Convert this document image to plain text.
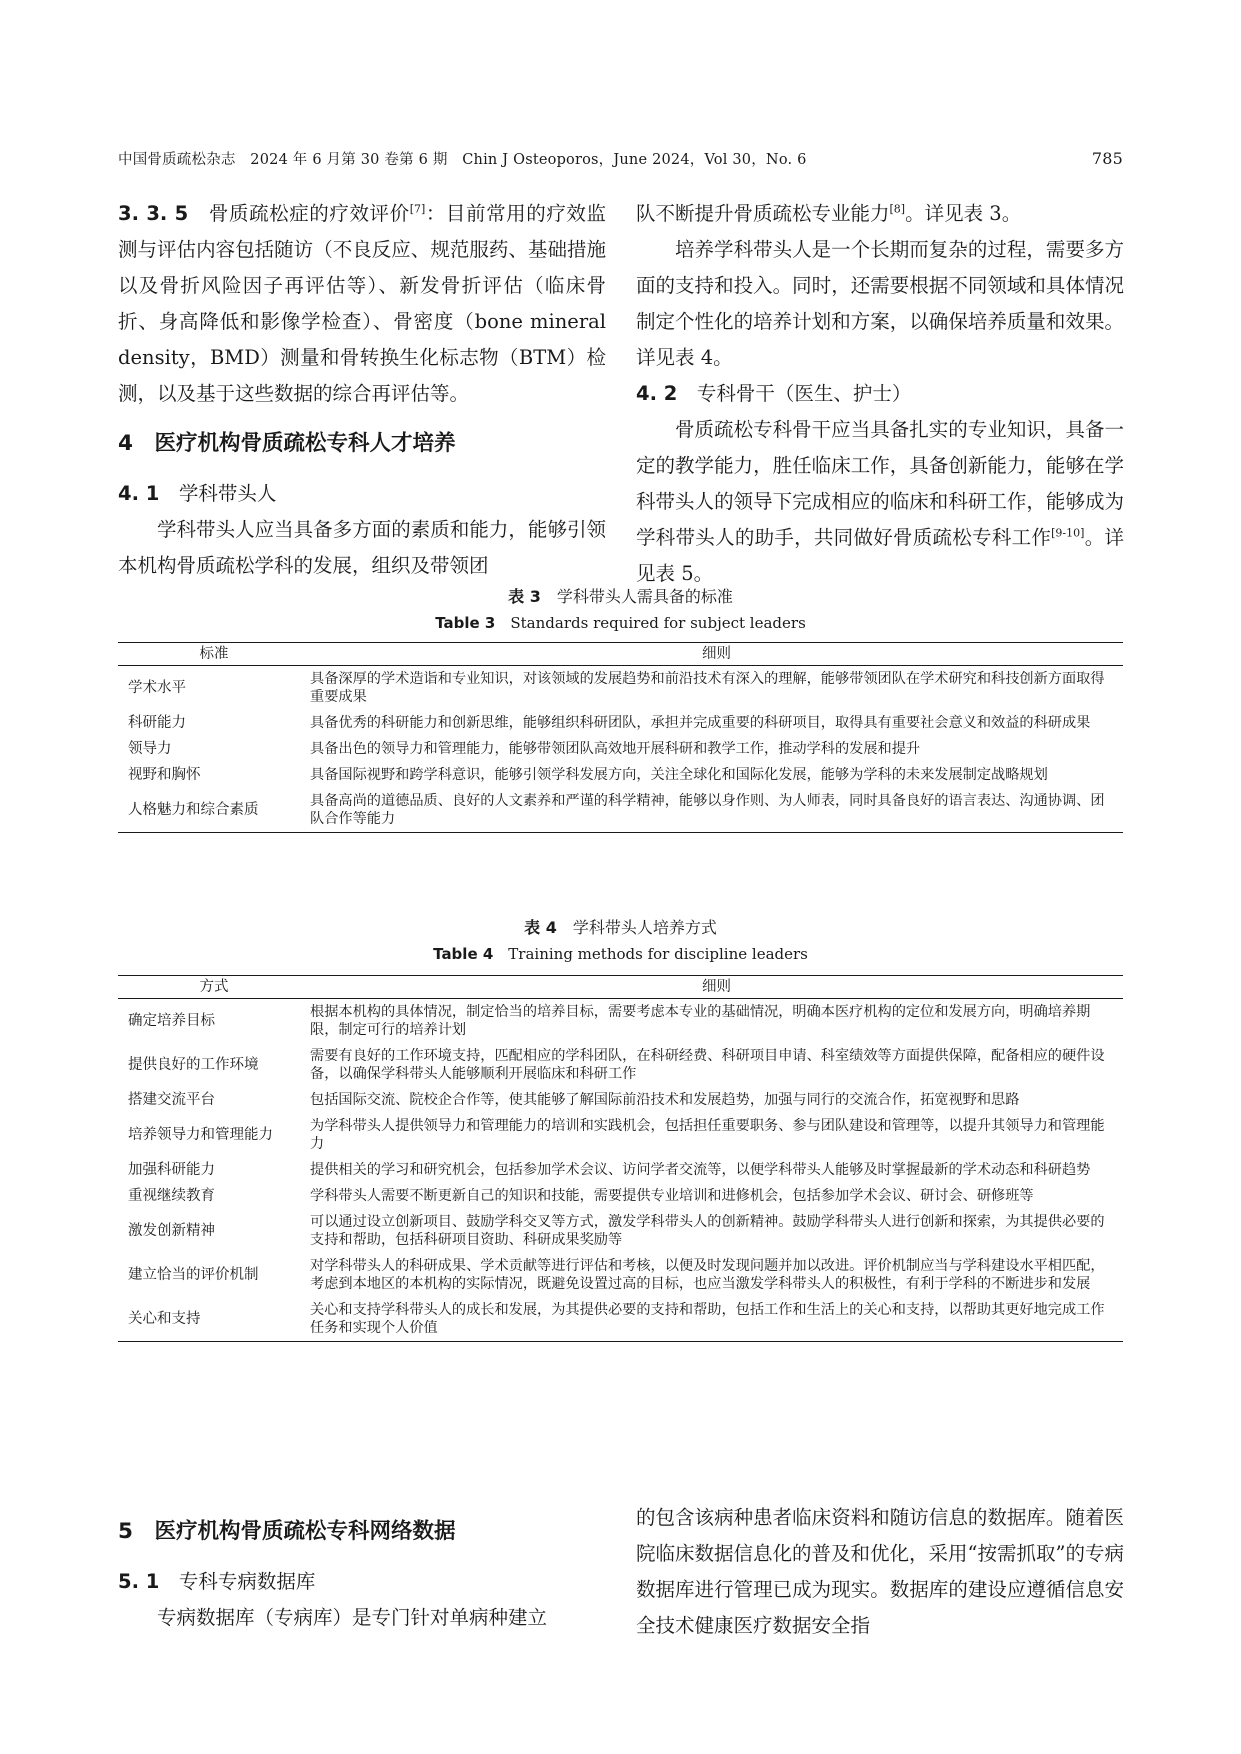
中国骨质疏松杂志　2024 年 6 月第 30 卷第 6 期　Chin J Osteoporos，June 2024，Vol 30，No. 6	785

3. 3. 5　骨质疏松症的疗效评价[7]：目前常用的疗效监测与评估内容包括随访（不良反应、规范服药、基础措施以及骨折风险因子再评估等）、新发骨折评估（临床骨折、身高降低和影像学检查）、骨密度（bone mineral density，BMD）测量和骨转换生化标志物（BTM）检测，以及基于这些数据的综合再评估等。

4　医疗机构骨质疏松专科人才培养

4. 1　学科带头人

学科带头人应当具备多方面的素质和能力，能够引领本机构骨质疏松学科的发展，组织及带领团

队不断提升骨质疏松专业能力[8]。详见表 3。

培养学科带头人是一个长期而复杂的过程，需要多方面的支持和投入。同时，还需要根据不同领域和具体情况制定个性化的培养计划和方案，以确保培养质量和效果。详见表 4。

4. 2　专科骨干（医生、护士）

骨质疏松专科骨干应当具备扎实的专业知识，具备一定的教学能力，胜任临床工作，具备创新能力，能够在学科带头人的领导下完成相应的临床和科研工作，能够成为学科带头人的助手，共同做好骨质疏松专科工作[9-10]。详见表 5。

表 3　学科带头人需具备的标准
Table 3　Standards required for subject leaders
标准	细则
学术水平	具备深厚的学术造诣和专业知识，对该领域的发展趋势和前沿技术有深入的理解，能够带领团队在学术研究和科技创新方面取得重要成果
科研能力	具备优秀的科研能力和创新思维，能够组织科研团队，承担并完成重要的科研项目，取得具有重要社会意义和效益的科研成果
领导力	具备出色的领导力和管理能力，能够带领团队高效地开展科研和教学工作，推动学科的发展和提升
视野和胸怀	具备国际视野和跨学科意识，能够引领学科发展方向，关注全球化和国际化发展，能够为学科的未来发展制定战略规划
人格魅力和综合素质	具备高尚的道德品质、良好的人文素养和严谨的科学精神，能够以身作则、为人师表，同时具备良好的语言表达、沟通协调、团队合作等能力
表 4　学科带头人培养方式
Table 4　Training methods for discipline leaders
方式	细则
确定培养目标	根据本机构的具体情况，制定恰当的培养目标，需要考虑本专业的基础情况，明确本医疗机构的定位和发展方向，明确培养期限，制定可行的培养计划
提供良好的工作环境	需要有良好的工作环境支持，匹配相应的学科团队，在科研经费、科研项目申请、科室绩效等方面提供保障，配备相应的硬件设备，以确保学科带头人能够顺利开展临床和科研工作
搭建交流平台	包括国际交流、院校企合作等，使其能够了解国际前沿技术和发展趋势，加强与同行的交流合作，拓宽视野和思路
培养领导力和管理能力	为学科带头人提供领导力和管理能力的培训和实践机会，包括担任重要职务、参与团队建设和管理等，以提升其领导力和管理能力
加强科研能力	提供相关的学习和研究机会，包括参加学术会议、访问学者交流等，以便学科带头人能够及时掌握最新的学术动态和科研趋势
重视继续教育	学科带头人需要不断更新自己的知识和技能，需要提供专业培训和进修机会，包括参加学术会议、研讨会、研修班等
激发创新精神	可以通过设立创新项目、鼓励学科交叉等方式，激发学科带头人的创新精神。鼓励学科带头人进行创新和探索，为其提供必要的支持和帮助，包括科研项目资助、科研成果奖励等
建立恰当的评价机制	对学科带头人的科研成果、学术贡献等进行评估和考核，以便及时发现问题并加以改进。评价机制应当与学科建设水平相匹配，考虑到本地区的本机构的实际情况，既避免设置过高的目标，也应当激发学科带头人的积极性，有利于学科的不断进步和发展
关心和支持	关心和支持学科带头人的成长和发展，为其提供必要的支持和帮助，包括工作和生活上的关心和支持，以帮助其更好地完成工作任务和实现个人价值

5　医疗机构骨质疏松专科网络数据

5. 1　专科专病数据库

专病数据库（专病库）是专门针对单病种建立

的包含该病种患者临床资料和随访信息的数据库。随着医院临床数据信息化的普及和优化，采用“按需抓取”的专病数据库进行管理已成为现实。数据库的建设应遵循信息安全技术健康医疗数据安全指
